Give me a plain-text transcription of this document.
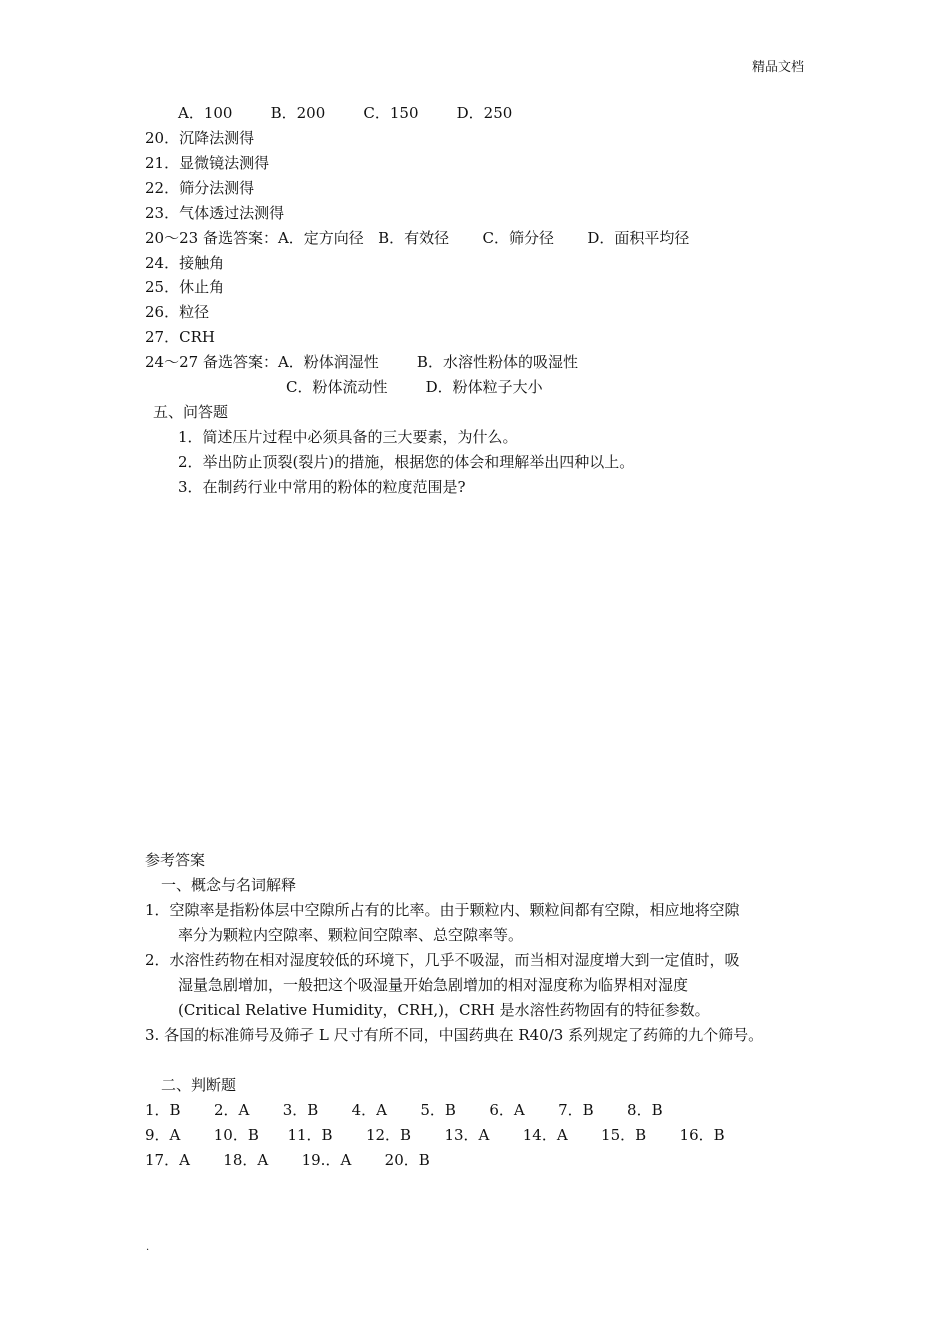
精品文档
A．100        B．200        C．150        D．250
20．沉降法测得
21．显微镜法测得
22．筛分法测得
23．气体透过法测得
20～23 备选答案：A．定方向径   B．有效径       C．筛分径       D．面积平均径
24．接触角
25．休止角
26．粒径
27．CRH
24～27 备选答案：A．粉体润湿性        B．水溶性粉体的吸湿性
C．粉体流动性        D．粉体粒子大小
五、问答题
1．简述压片过程中必须具备的三大要素，为什么。
2．举出防止顶裂(裂片)的措施，根据您的体会和理解举出四种以上。
3．在制药行业中常用的粉体的粒度范围是?
参考答案
一、概念与名词解释
1．空隙率是指粉体层中空隙所占有的比率。由于颗粒内、颗粒间都有空隙，相应地将空隙
率分为颗粒内空隙率、颗粒间空隙率、总空隙率等。
2．水溶性药物在相对湿度较低的环境下，几乎不吸湿，而当相对湿度增大到一定值时，吸
湿量急剧增加，一般把这个吸湿量开始急剧增加的相对湿度称为临界相对湿度
(Critical Relative Humidity，CRH,)，CRH 是水溶性药物固有的特征参数。
3. 各国的标准筛号及筛孑 L 尺寸有所不同，中国药典在 R40/3 系列规定了药筛的九个筛号。
二、判断题
1．B       2．A       3．B       4．A       5．B       6．A       7．B       8．B
9．A       10．B      11．B       12．B       13．A       14．A       15．B       16．B
17．A       18．A       19.．A       20．B
.
